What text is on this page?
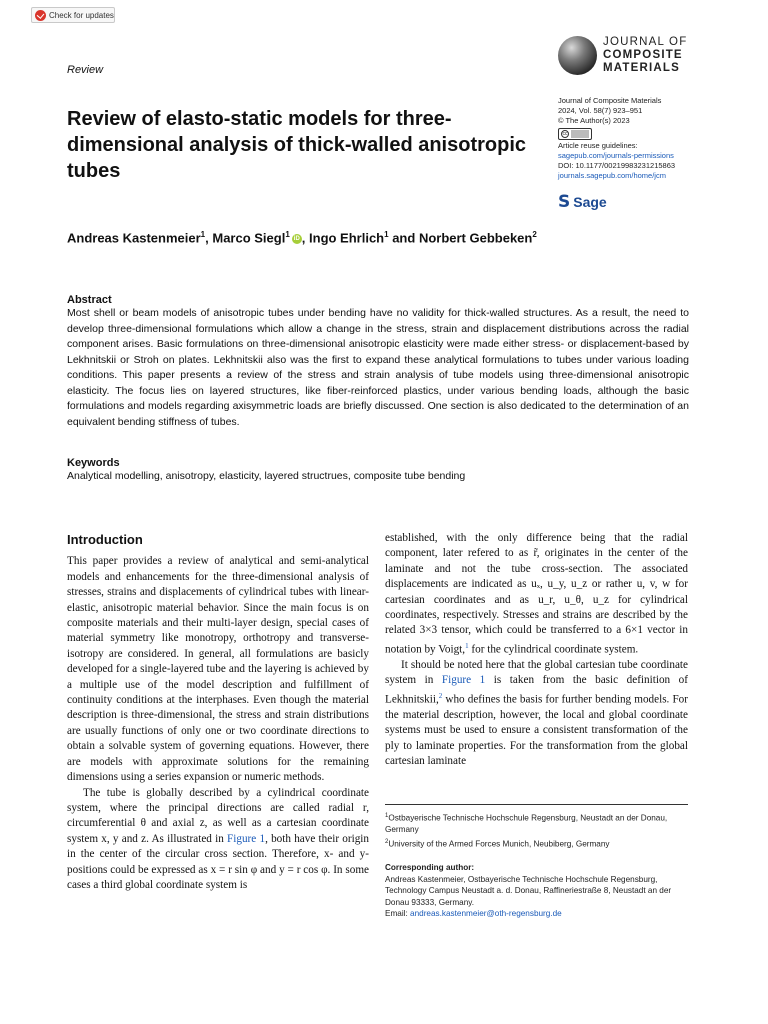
Check for updates
Review
JOURNAL OF
COMPOSITE
MATERIALS
Journal of Composite Materials
2024, Vol. 58(7) 923–951
© The Author(s) 2023
cc
Article reuse guidelines:
sagepub.com/journals-permissions
DOI: 10.1177/00219983231215863
journals.sagepub.com/home/jcm
S Sage
Review of elasto-static models for three-dimensional analysis of thick-walled anisotropic tubes
Andreas Kastenmeier$^1$, Marco Siegl$^1$ iD , Ingo Ehrlich$^1$ and Norbert Gebbeken$^2$
Abstract

Most shell or beam models of anisotropic tubes under bending have no validity for thick-walled structures. As a result, the need to develop three-dimensional formulations which allow a change in the stress, strain and displacement distributions across the radial component arises. Basic formulations on three-dimensional anisotropic elasticity were made either stress- or displacement-based by Lekhnitskii or Stroh on plates. Lekhnitskii also was the first to expand these analytical formulations to tubes under various loading conditions. This paper presents a review of the stress and strain analysis of tube models using three-dimensional anisotropic elasticity. The focus lies on layered structures, like fiber-reinforced plastics, under various bending loads, although the basic formulations and models regarding axisymmetric loads are briefly discussed. One section is also dedicated to the determination of an equivalent bending stiffness of tubes.

Keywords

Analytical modelling, anisotropy, elasticity, layered structrues, composite tube bending

Introduction

This paper provides a review of analytical and semi-analytical models and enhancements for the three-dimensional analysis of stresses, strains and displacements of cylindrical tubes with linear-elastic, anisotropic material behavior. Since the main focus is on composite materials and their multi-layer design, special cases of material symmetry like monotropy, orthotropy and transverse-isotropy are considered. In general, all formulations are basicly developed for a single-layered tube and the layering is achieved by a multiple use of the model description and fulfillment of continuity conditions at the interphases. Even though the material description is three-dimensional, the stress and strain distributions are usually functions of only one or two coordinate directions to obtain a solvable system of governing equations. However, there are models with approximate solutions for the remaining dimensions using a series expansion or numeric methods.

The tube is globally described by a cylindrical coordinate system, where the principal directions are called radial r, circumferential θ and axial z, as well as a cartesian coordinate system x, y and z. As illustrated in Figure 1, both have their origin in the center of the circular cross section. Therefore, x- and y-positions could be expressed as x = r sin φ and y = r cos φ. In some cases a third global coordinate system is

established, with the only difference being that the radial component, later refered to as r̃, originates in the center of the laminate and not the tube cross-section. The associated displacements are indicated as uₓ, u_y, u_z or rather u, v, w for cartesian coordinates and as u_r, u_θ, u_z for cylindrical coordinates, respectively. Stresses and strains are described by the related 3×3 tensor, which could be transferred to a 6×1 vector in notation by Voigt,$^1$ for the cylindrical coordinate system.

It should be noted here that the global cartesian tube coordinate system in Figure 1 is taken from the basic definition of Lekhnitskii,$^2$ who defines the basis for further bending models. For the material description, however, the local and global coordinate systems must be used to ensure a consistent transformation of the ply to laminate properties. For the transformation from the global cartesian laminate

$^1$Ostbayerische Technische Hochschule Regensburg, Neustadt an der Donau, Germany
$^2$University of the Armed Forces Munich, Neubiberg, Germany
Corresponding author:
Andreas Kastenmeier, Ostbayerische Technische Hochschule Regensburg, Technology Campus Neustadt a. d. Donau, Raffineriestraße 8, Neustadt an der Donau 93333, Germany.
Email: andreas.kastenmeier@oth-regensburg.de
